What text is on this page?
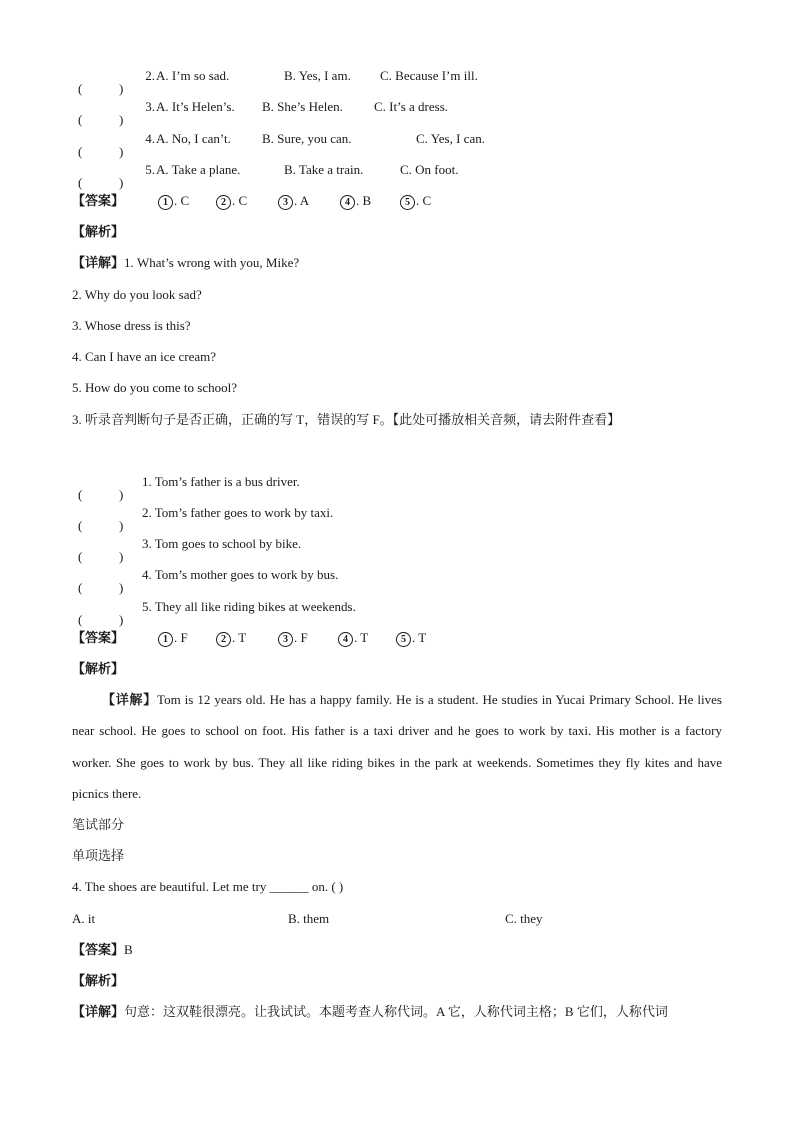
(	)
2. A. I’m so sad.	B. Yes, I am. C. Because I’m ill.
(	)
3. A. It’s Helen’s. B. She’s Helen. C. It’s a dress.
(	)
4. A. No, I can’t. B. Sure, you can.	C. Yes, I can.
(	)
5. A. Take a plane.	B. Take a train.	C. On foot.
【答案】	1 . C	2 . C	3 . A	4 . B	5 . C
【解析】
【详解】1. What’s wrong with you, Mike?
2. Why do you look sad?
3. Whose dress is this?
4. Can I have an ice cream?
5. How do you come to school?
3. 听录音判断句子是否正确，正确的写 T，错误的写 F。【此处可播放相关音频，请去附件查看】
(	)
1. Tom’s father is a bus driver.
(	)
2. Tom’s father goes to work by taxi.
(	)
3. Tom goes to school by bike.
(	)
4. Tom’s mother goes to work by bus.
(	)
5. They all like riding bikes at weekends.
【答案】	1 . F	2 . T	3 . F	4 . T	5 . T
【解析】
【详解】Tom is 12 years old. He has a happy family. He is a student. He studies in Yucai Primary School. He lives near school. He goes to school on foot. His father is a taxi driver and he goes to work by taxi. His mother is a factory worker. She goes to work by bus. They all like riding bikes in the park at weekends. Sometimes they fly kites and have picnics there.
笔试部分
单项选择
4. The shoes are beautiful. Let me try ______ on. ( )
A. it	B. them	C. they
【答案】B
【解析】
【详解】句意：这双鞋很漂亮。让我试试。本题考查人称代词。A 它，人称代词主格；B 它们，人称代词
